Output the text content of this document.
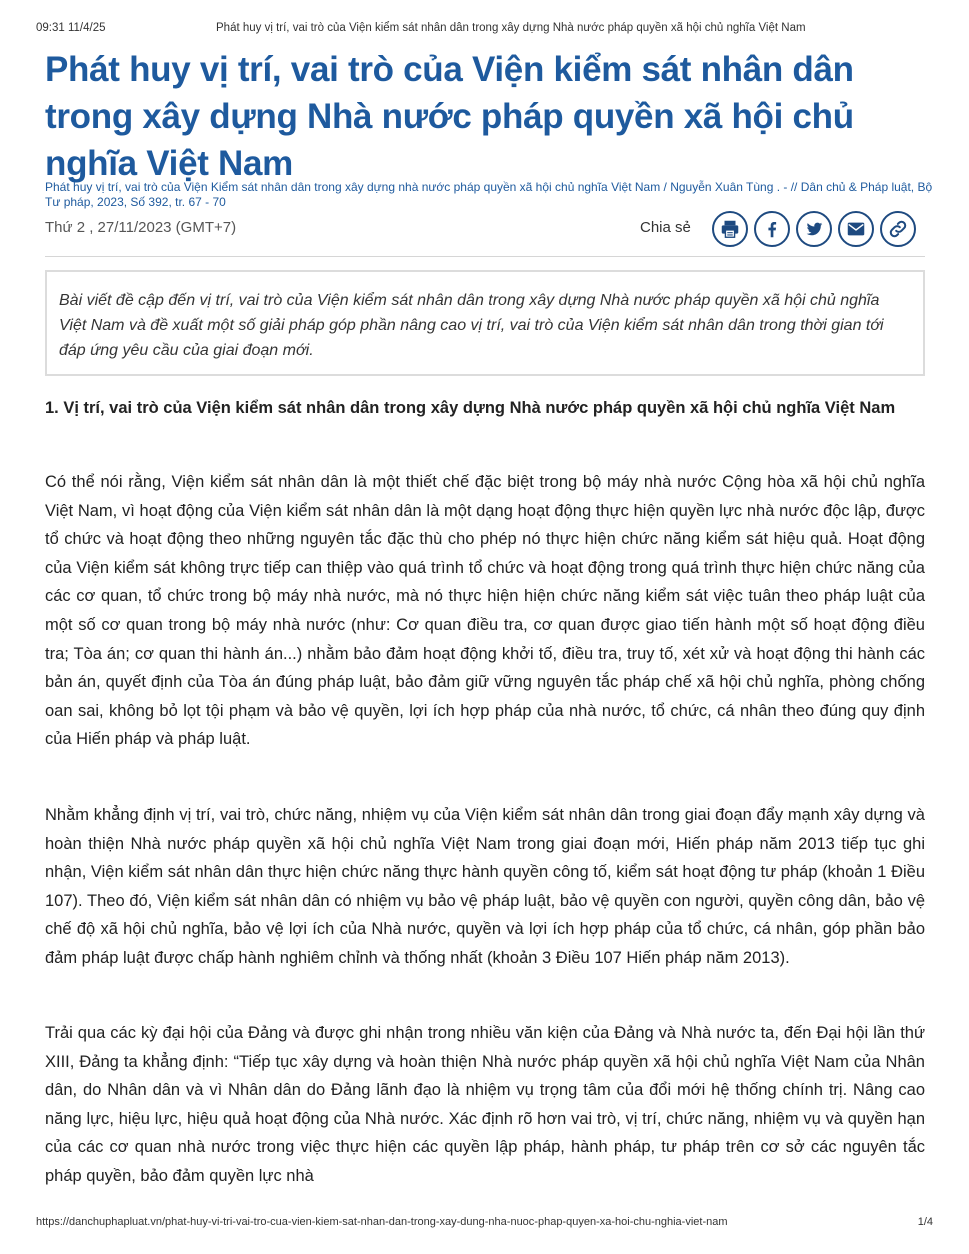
09:31 11/4/25	Phát huy vị trí, vai trò của Viện kiểm sát nhân dân trong xây dựng Nhà nước pháp quyền xã hội chủ nghĩa Việt Nam
Phát huy vị trí, vai trò của Viện kiểm sát nhân dân trong xây dựng Nhà nước pháp quyền xã hội chủ nghĩa Việt Nam
Phát huy vị trí, vai trò của Viện Kiểm sát nhân dân trong xây dựng nhà nước pháp quyền xã hội chủ nghĩa Việt Nam / Nguyễn Xuân Tùng . - // Dân chủ & Pháp luật, Bộ Tư pháp, 2023, Số 392, tr. 67 - 70
Thứ 2 , 27/11/2023 (GMT+7)	Chia sẻ

Bài viết đề cập đến vị trí, vai trò của Viện kiểm sát nhân dân trong xây dựng Nhà nước pháp quyền xã hội chủ nghĩa Việt Nam và đề xuất một số giải pháp góp phần nâng cao vị trí, vai trò của Viện kiểm sát nhân dân trong thời gian tới đáp ứng yêu cầu của giai đoạn mới.

1. Vị trí, vai trò của Viện kiểm sát nhân dân trong xây dựng Nhà nước pháp quyền xã hội chủ nghĩa Việt Nam

Có thể nói rằng, Viện kiểm sát nhân dân là một thiết chế đặc biệt trong bộ máy nhà nước Cộng hòa xã hội chủ nghĩa Việt Nam, vì hoạt động của Viện kiểm sát nhân dân là một dạng hoạt động thực hiện quyền lực nhà nước độc lập, được tổ chức và hoạt động theo những nguyên tắc đặc thù cho phép nó thực hiện chức năng kiểm sát hiệu quả. Hoạt động của Viện kiểm sát không trực tiếp can thiệp vào quá trình tổ chức và hoạt động trong quá trình thực hiện chức năng của các cơ quan, tổ chức trong bộ máy nhà nước, mà nó thực hiện hiện chức năng kiểm sát việc tuân theo pháp luật của một số cơ quan trong bộ máy nhà nước (như: Cơ quan điều tra, cơ quan được giao tiến hành một số hoạt động điều tra; Tòa án; cơ quan thi hành án...) nhằm bảo đảm hoạt động khởi tố, điều tra, truy tố, xét xử và hoạt động thi hành các bản án, quyết định của Tòa án đúng pháp luật, bảo đảm giữ vững nguyên tắc pháp chế xã hội chủ nghĩa, phòng chống oan sai, không bỏ lọt tội phạm và bảo vệ quyền, lợi ích hợp pháp của nhà nước, tổ chức, cá nhân theo đúng quy định của Hiến pháp và pháp luật.

Nhằm khẳng định vị trí, vai trò, chức năng, nhiệm vụ của Viện kiểm sát nhân dân trong giai đoạn đẩy mạnh xây dựng và hoàn thiện Nhà nước pháp quyền xã hội chủ nghĩa Việt Nam trong giai đoạn mới, Hiến pháp năm 2013 tiếp tục ghi nhận, Viện kiểm sát nhân dân thực hiện chức năng thực hành quyền công tố, kiểm sát hoạt động tư pháp (khoản 1 Điều 107). Theo đó, Viện kiểm sát nhân dân có nhiệm vụ bảo vệ pháp luật, bảo vệ quyền con người, quyền công dân, bảo vệ chế độ xã hội chủ nghĩa, bảo vệ lợi ích của Nhà nước, quyền và lợi ích hợp pháp của tổ chức, cá nhân, góp phần bảo đảm pháp luật được chấp hành nghiêm chỉnh và thống nhất (khoản 3 Điều 107 Hiến pháp năm 2013).

Trải qua các kỳ đại hội của Đảng và được ghi nhận trong nhiều văn kiện của Đảng và Nhà nước ta, đến Đại hội lần thứ XIII, Đảng ta khẳng định: “Tiếp tục xây dựng và hoàn thiện Nhà nước pháp quyền xã hội chủ nghĩa Việt Nam của Nhân dân, do Nhân dân và vì Nhân dân do Đảng lãnh đạo là nhiệm vụ trọng tâm của đổi mới hệ thống chính trị. Nâng cao năng lực, hiệu lực, hiệu quả hoạt động của Nhà nước. Xác định rõ hơn vai trò, vị trí, chức năng, nhiệm vụ và quyền hạn của các cơ quan nhà nước trong việc thực hiện các quyền lập pháp, hành pháp, tư pháp trên cơ sở các nguyên tắc pháp quyền, bảo đảm quyền lực nhà

https://danchuphapluat.vn/phat-huy-vi-tri-vai-tro-cua-vien-kiem-sat-nhan-dan-trong-xay-dung-nha-nuoc-phap-quyen-xa-hoi-chu-nghia-viet-nam	1/4
